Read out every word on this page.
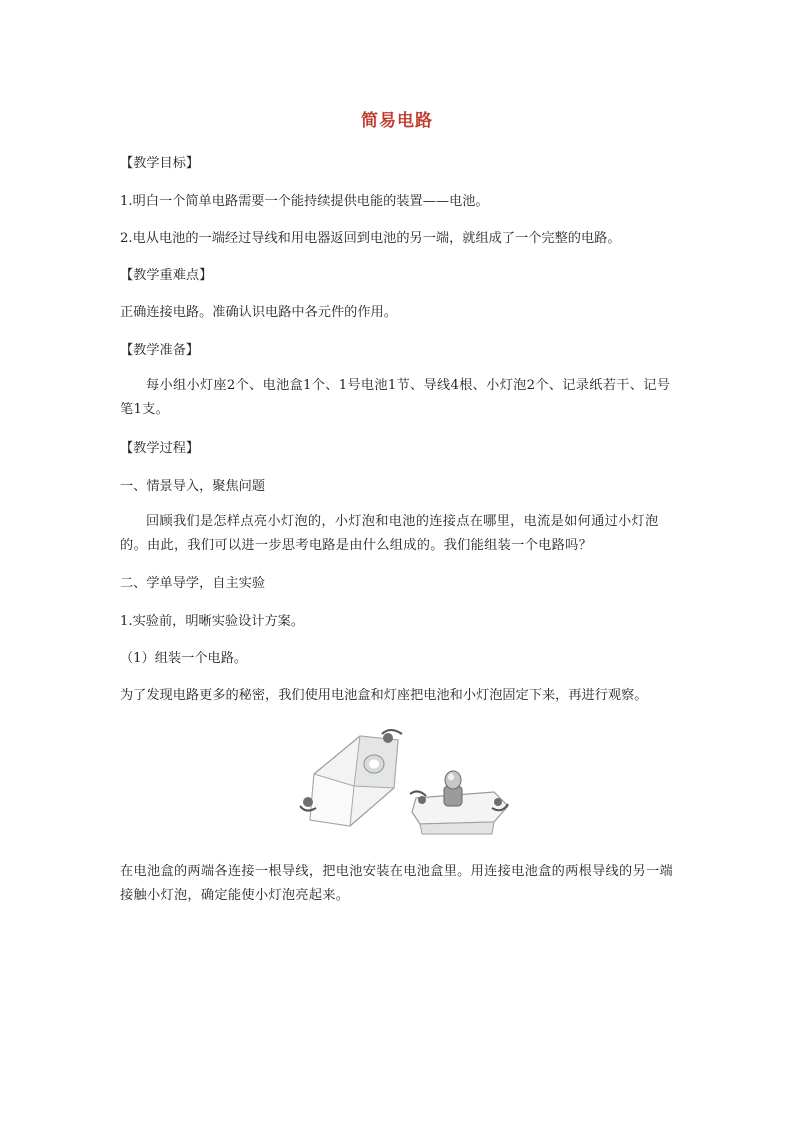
简易电路
【教学目标】
1.明白一个简单电路需要一个能持续提供电能的装置——电池。
2.电从电池的一端经过导线和用电器返回到电池的另一端，就组成了一个完整的电路。
【教学重难点】
正确连接电路。准确认识电路中各元件的作用。
【教学准备】
每小组小灯座2个、电池盒1个、1号电池1节、导线4根、小灯泡2个、记录纸若干、记号笔1支。
【教学过程】
一、情景导入，聚焦问题
回顾我们是怎样点亮小灯泡的，小灯泡和电池的连接点在哪里，电流是如何通过小灯泡的。由此，我们可以进一步思考电路是由什么组成的。我们能组装一个电路吗？
二、学单导学，自主实验
1.实验前，明晰实验设计方案。
（1）组装一个电路。
为了发现电路更多的秘密，我们使用电池盒和灯座把电池和小灯泡固定下来，再进行观察。
在电池盒的两端各连接一根导线，把电池安装在电池盒里。用连接电池盒的两根导线的另一端接触小灯泡，确定能使小灯泡亮起来。
